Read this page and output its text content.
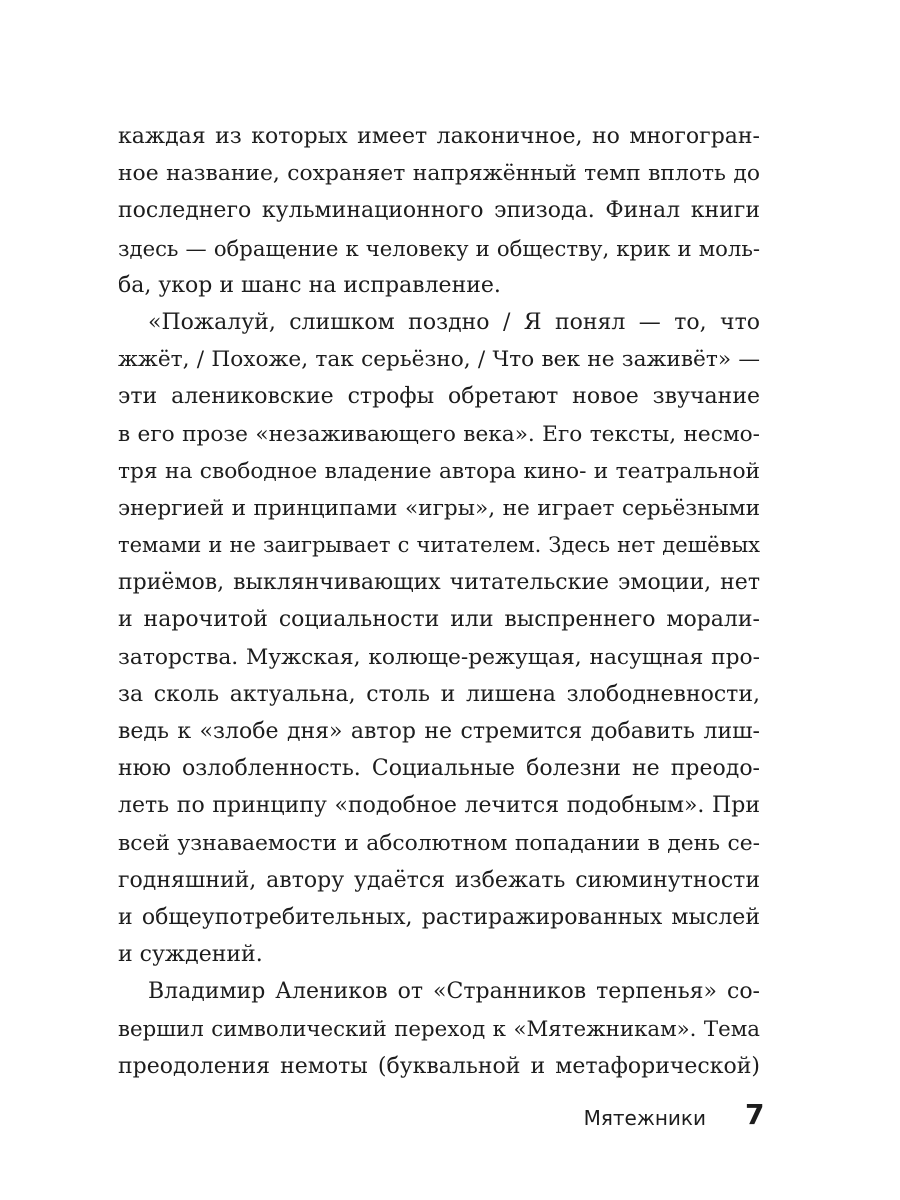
каждая из которых имеет лаконичное, но многогран-
ное название, сохраняет напряжённый темп вплоть до
последнего кульминационного эпизода. Финал книги
здесь — обращение к человеку и обществу, крик и моль-
ба, укор и шанс на исправление.
«Пожалуй, слишком поздно / Я понял — то, что
жжёт, / Похоже, так серьёзно, / Что век не заживёт» —
эти алениковские строфы обретают новое звучание
в его прозе «незаживающего века». Его тексты, несмо-
тря на свободное владение автора кино- и театральной
энергией и принципами «игры», не играет серьёзными
темами и не заигрывает с читателем. Здесь нет дешёвых
приёмов, выклянчивающих читательские эмоции, нет
и нарочитой социальности или выспреннего морали-
заторства. Мужская, колюще-режущая, насущная про-
за сколь актуальна, столь и лишена злободневности,
ведь к «злобе дня» автор не стремится добавить лиш-
нюю озлобленность. Социальные болезни не преодо-
леть по принципу «подобное лечится подобным». При
всей узнаваемости и абсолютном попадании в день се-
годняшний, автору удаётся избежать сиюминутности
и общеупотребительных, растиражированных мыслей
и суждений.
Владимир Алеников от «Странников терпенья» со-
вершил символический переход к «Мятежникам». Тема
преодоления немоты (буквальной и метафорической)
Мятежники 7
